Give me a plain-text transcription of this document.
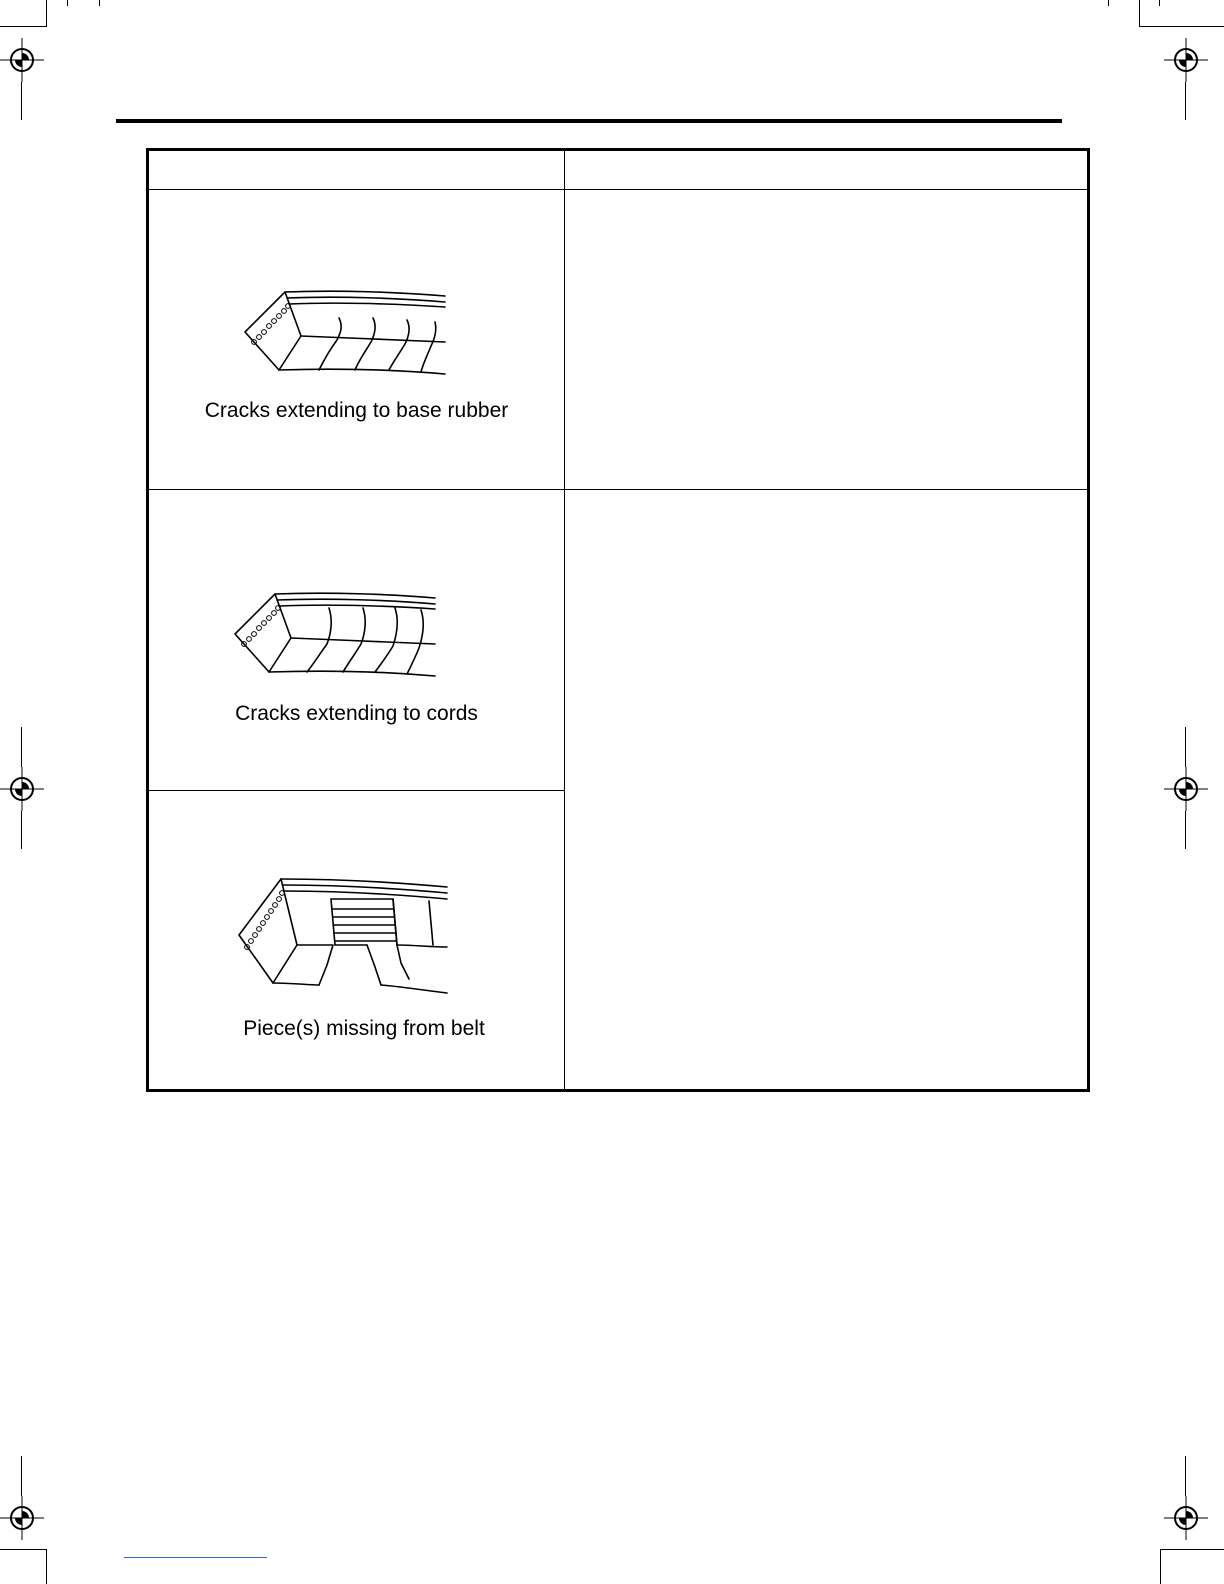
Cracks extending to base rubber
Cracks extending to cords
Piece(s) missing from belt
